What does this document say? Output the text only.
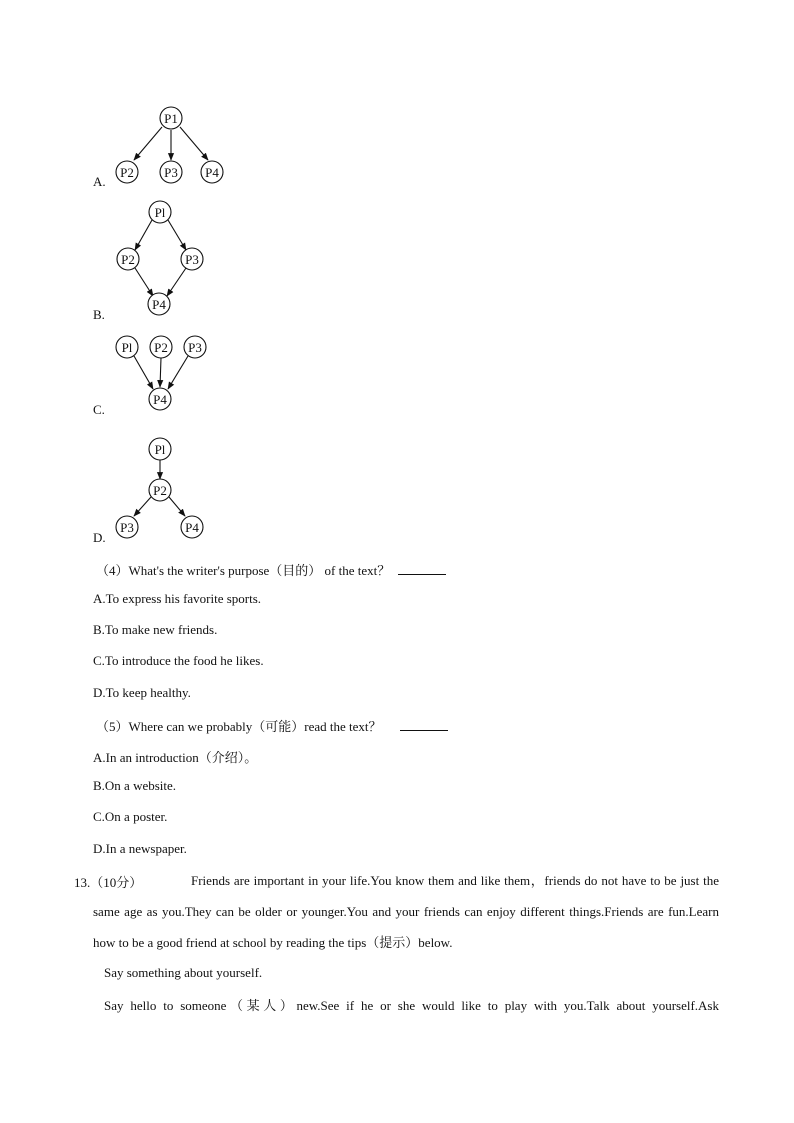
P1
P2 P3 P4
A.
Pl
P2	P3
P4
B.
Pl P2 P3
P4
C.
Pl
P2
P3	P4
D.
（4）What's the writer's purpose（目的） of the text？
A.To express his favorite sports.
B.To make new friends.
C.To introduce the food he likes.
D.To keep healthy.
（5）Where can we probably（可能）read the text？
A.In an introduction（介绍）。
B.On a website.
C.On a poster.
D.In a newspaper.
13.（10分）	Friends are important in your life.You know them and like them，friends do not have to be just the same age as you.They can be older or younger.You and your friends can enjoy different things.Friends are fun.Learn how to be a good friend at school by reading the tips（提示）below.
Say something about yourself.
Say hello to someone（某人）new.See if he or she would like to play with you.Talk about yourself.Ask
